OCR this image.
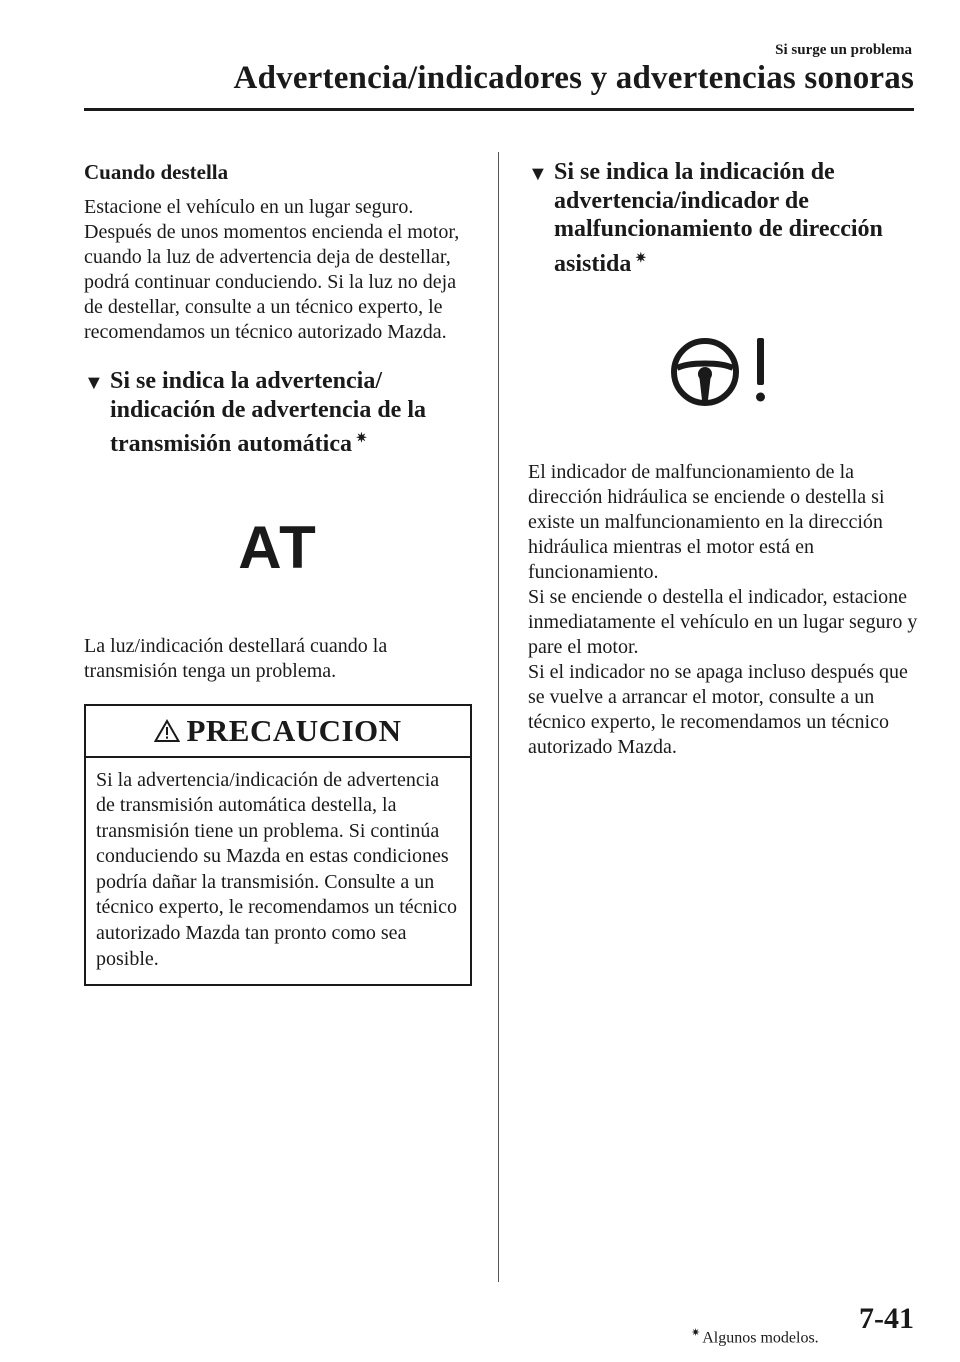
Si surge un problema
Advertencia/indicadores y advertencias sonoras

Cuando destella

Estacione el vehículo en un lugar seguro. Después de unos momentos encienda el motor, cuando la luz de advertencia deja de destellar, podrá continuar conduciendo. Si la luz no deja de destellar, consulte a un técnico experto, le recomendamos un técnico autorizado Mazda.

▼ Si se indica la advertencia/ indicación de advertencia de la transmisión automática ✷
AT

La luz/indicación destellará cuando la transmisión tenga un problema.

PRECAUCION
Si la advertencia/indicación de advertencia de transmisión automática destella, la transmisión tiene un problema. Si continúa conduciendo su Mazda en estas condiciones podría dañar la transmisión. Consulte a un técnico experto, le recomendamos un técnico autorizado Mazda tan pronto como sea posible.
▼ Si se indica la indicación de advertencia/indicador de malfuncionamiento de dirección asistida ✷

El indicador de malfuncionamiento de la dirección hidráulica se enciende o destella si existe un malfuncionamiento en la dirección hidráulica mientras el motor está en funcionamiento.
Si se enciende o destella el indicador, estacione inmediatamente el vehículo en un lugar seguro y pare el motor.
Si el indicador no se apaga incluso después que se vuelve a arrancar el motor, consulte a un técnico experto, le recomendamos un técnico autorizado Mazda.

✷ Algunos modelos.
7-41
